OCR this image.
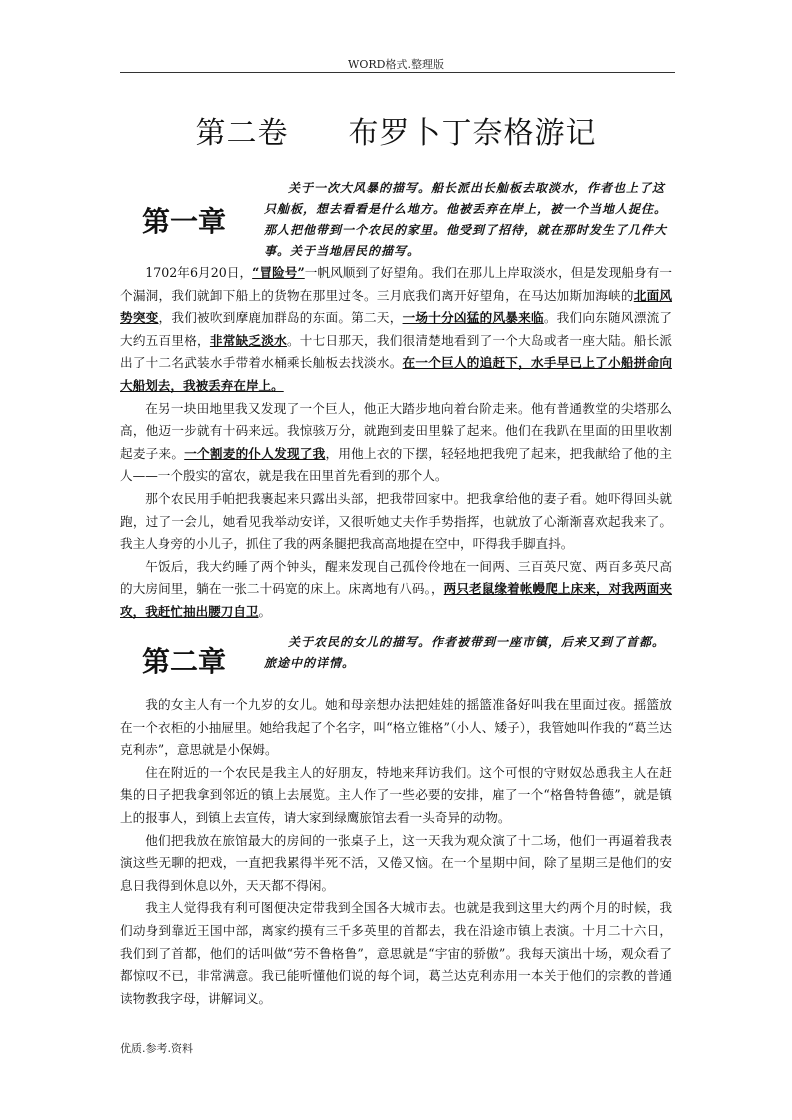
WORD格式.整理版
第二卷 布罗卜丁奈格游记
第一章
关于一次大风暴的描写。船长派出长舢板去取淡水，作者也上了这只舢板，想去看看是什么地方。他被丢弃在岸上，被一个当地人捉住。那人把他带到一个农民的家里。他受到了招待，就在那时发生了几件大事。关于当地居民的描写。

1702年6月20日，“冒险号”一帆风顺到了好望角。我们在那儿上岸取淡水，但是发现船身有一个漏洞，我们就卸下船上的货物在那里过冬。三月底我们离开好望角，在马达加斯加海峡的北面风势突变，我们被吹到摩鹿加群岛的东面。第二天，一场十分凶猛的风暴来临。我们向东随风漂流了大约五百里格，非常缺乏淡水。十七日那天，我们很清楚地看到了一个大岛或者一座大陆。船长派出了十二名武装水手带着水桶乘长舢板去找淡水。在一个巨人的追赶下，水手早已上了小船拼命向大船划去，我被丢弃在岸上。

在另一块田地里我又发现了一个巨人，他正大踏步地向着台阶走来。他有普通教堂的尖塔那么高，他迈一步就有十码来远。我惊骇万分，就跑到麦田里躲了起来。他们在我趴在里面的田里收割起麦子来。一个割麦的仆人发现了我，用他上衣的下摆，轻轻地把我兜了起来，把我献给了他的主人——一个殷实的富农，就是我在田里首先看到的那个人。

那个农民用手帕把我裹起来只露出头部，把我带回家中。把我拿给他的妻子看。她吓得回头就跑，过了一会儿，她看见我举动安详，又很听她丈夫作手势指挥，也就放了心渐渐喜欢起我来了。我主人身旁的小儿子，抓住了我的两条腿把我高高地提在空中，吓得我手脚直抖。

午饭后，我大约睡了两个钟头，醒来发现自己孤伶伶地在一间两、三百英尺宽、两百多英尺高的大房间里，躺在一张二十码宽的床上。床离地有八码。，两只老鼠缘着帐幔爬上床来，对我两面夹攻，我赶忙抽出腰刀自卫。

第二章
关于农民的女儿的描写。作者被带到一座市镇，后来又到了首都。旅途中的详情。

我的女主人有一个九岁的女儿。她和母亲想办法把娃娃的摇篮准备好叫我在里面过夜。摇篮放在一个衣柜的小抽屉里。她给我起了个名字，叫“格立锥格”（小人、矮子），我管她叫作我的“葛兰达克利赤”，意思就是小保姆。

住在附近的一个农民是我主人的好朋友，特地来拜访我们。这个可恨的守财奴怂恿我主人在赶集的日子把我拿到邻近的镇上去展览。主人作了一些必要的安排，雇了一个“格鲁特鲁德”，就是镇上的报事人，到镇上去宣传，请大家到绿鹰旅馆去看一头奇异的动物。

他们把我放在旅馆最大的房间的一张桌子上，这一天我为观众演了十二场，他们一再逼着我表演这些无聊的把戏，一直把我累得半死不活，又倦又恼。在一个星期中间，除了星期三是他们的安息日我得到休息以外，天天都不得闲。

我主人觉得我有利可图便决定带我到全国各大城市去。也就是我到这里大约两个月的时候，我们动身到靠近王国中部，离家约摸有三千多英里的首都去，我在沿途市镇上表演。十月二十六日，我们到了首都，他们的话叫做“劳不鲁格鲁”，意思就是“宇宙的骄傲”。我每天演出十场，观众看了都惊叹不已，非常满意。我已能听懂他们说的每个词，葛兰达克利赤用一本关于他们的宗教的普通读物教我字母，讲解词义。

优质.参考.资料
